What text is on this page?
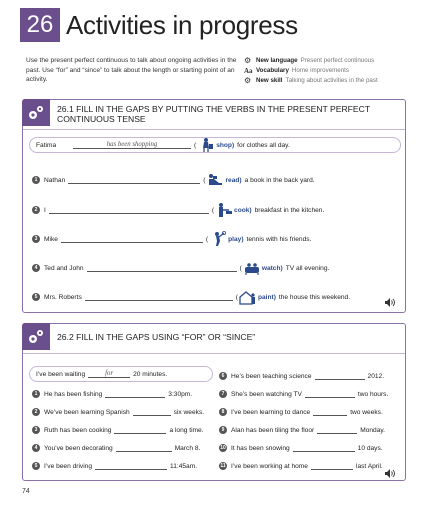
26 Activities in progress
Use the present perfect continuous to talk about ongoing activities in the past. Use “for” and “since” to talk about the length or starting point of an activity.
⚙ New language Present perfect continuous
Aa Vocabulary Home improvements
⚙ New skill Talking about activities in the past
26.1 FILL IN THE GAPS BY PUTTING THE VERBS IN THE PRESENT PERFECT
CONTINUOUS TENSE
Fatima	has been shopping	(	shop) for clothes all day.
1	Nathan	(	read) a book in the back yard.
2	I	(	cook) breakfast in the kitchen.
3	Mike	(	play) tennis with his friends.
4	Ted and John	(	watch) TV all evening.
5	Mrs. Roberts	(	paint) the house this weekend.
26.2 FILL IN THE GAPS USING “FOR” OR “SINCE”
I’ve been waiting	for	20 minutes.
1	He has been fishing	3:30pm.
2	We’ve been learning Spanish	six weeks.
3	Ruth has been cooking	a long time.
4	You’ve been decorating	March 8.
5	I’ve been driving	11:45am.
6	He’s been teaching science	2012.
7	She’s been watching TV	two hours.
8	I’ve been learning to dance	two weeks.
9	Alan has been tiling the floor	Monday.
10 It has been snowing	10 days.
11 I’ve been working at home	last April.
74
